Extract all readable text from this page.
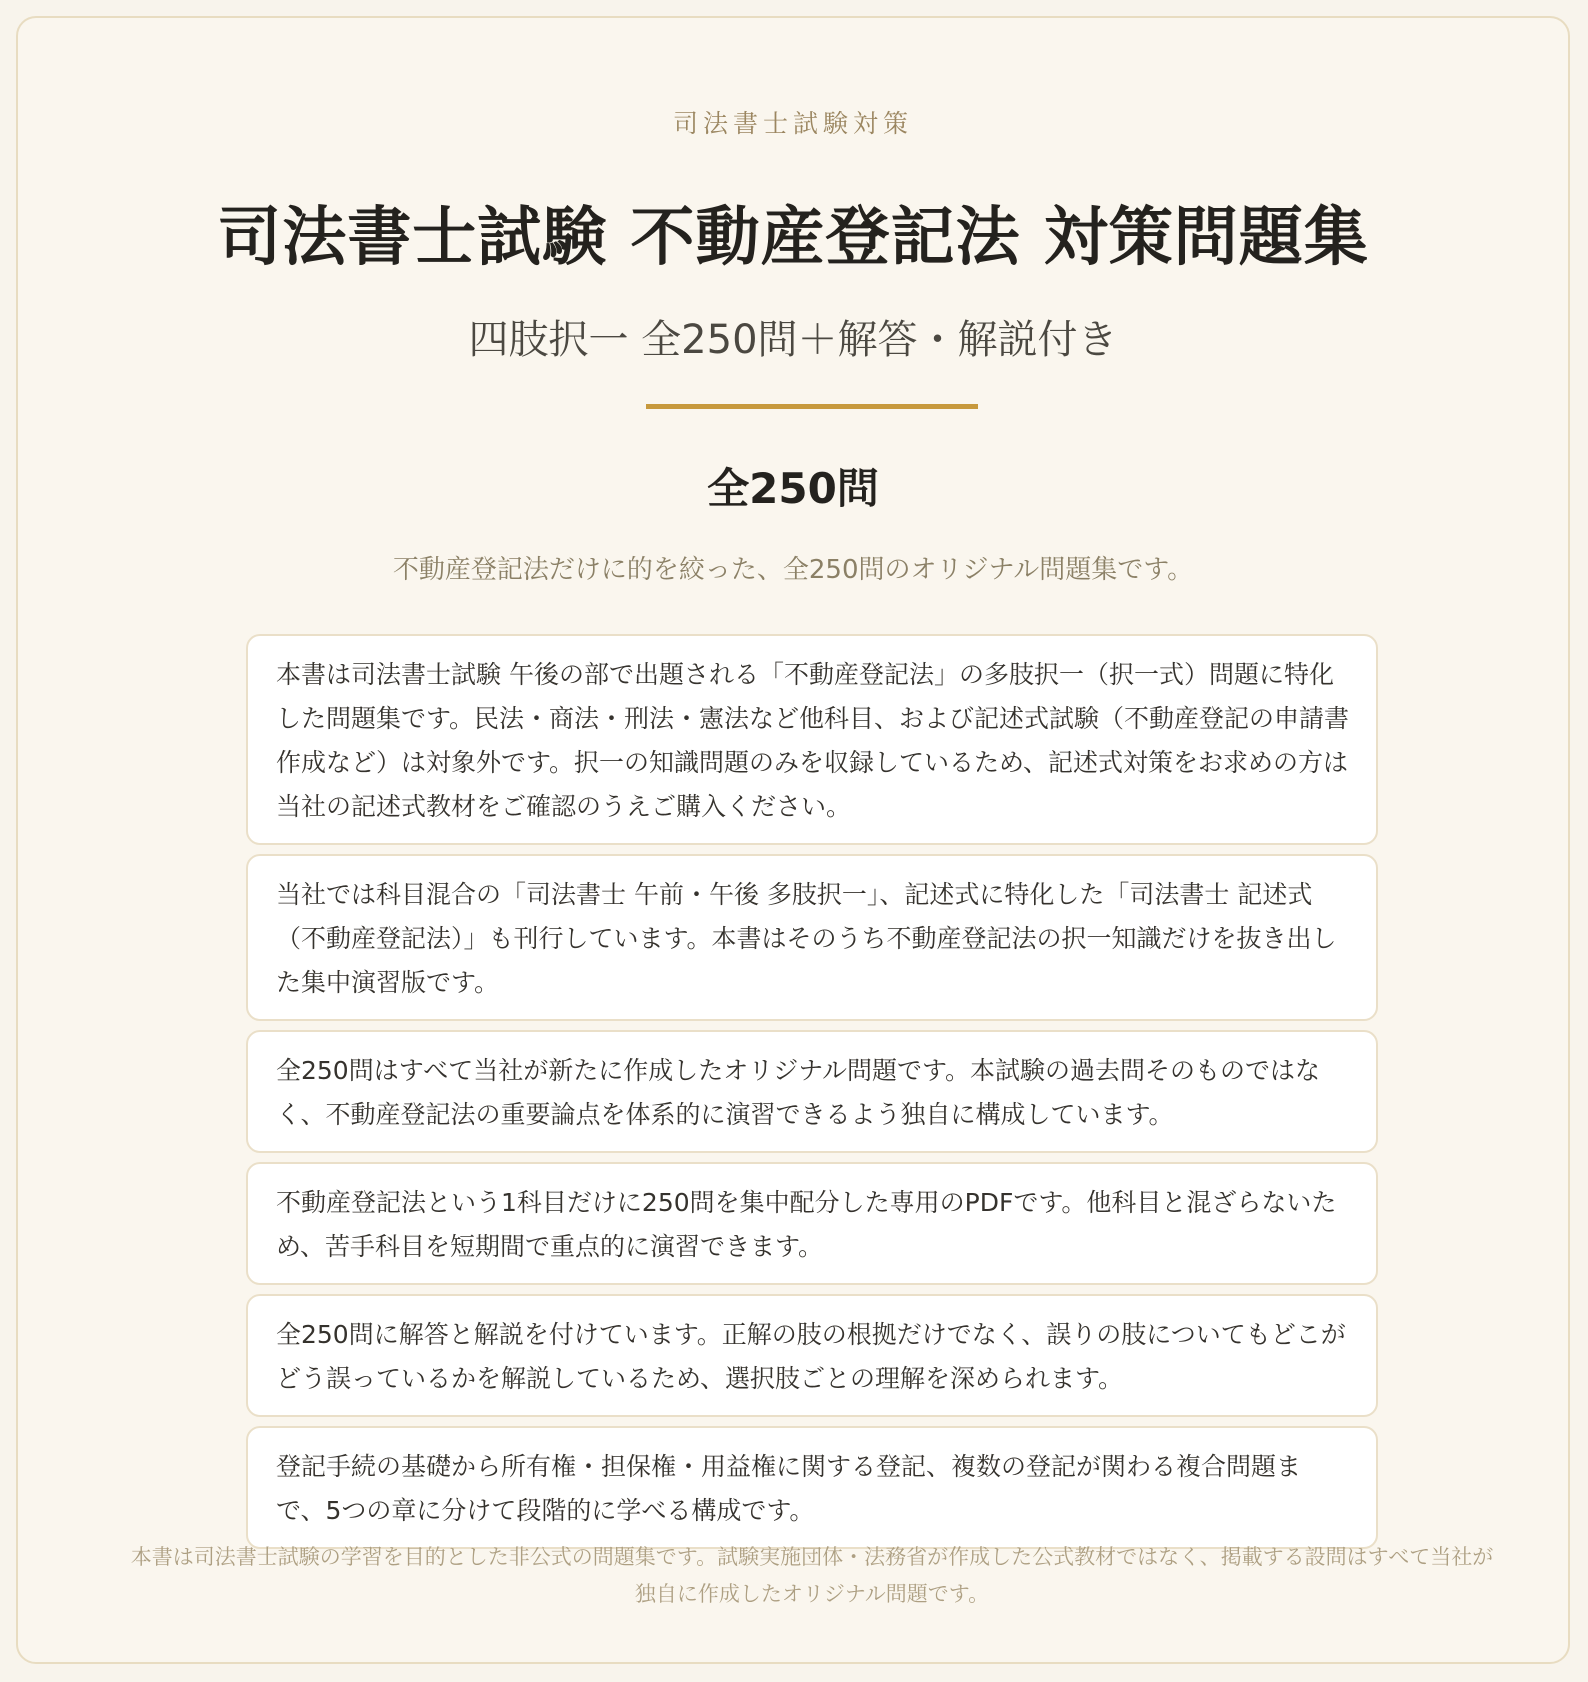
司法書士試験対策
司法書士試験 不動産登記法 対策問題集
四肢択一 全250問＋解答・解説付き
全250問

不動産登記法だけに的を絞った、全250問のオリジナル問題集です。

本書は司法書士試験 午後の部で出題される「不動産登記法」の多肢択一（択一式）問題に特化した問題集です。民法・商法・刑法・憲法など他科目、および記述式試験（不動産登記の申請書作成など）は対象外です。択一の知識問題のみを収録しているため、記述式対策をお求めの方は当社の記述式教材をご確認のうえご購入ください。
当社では科目混合の「司法書士 午前・午後 多肢択一」、記述式に特化した「司法書士 記述式（不動産登記法）」も刊行しています。本書はそのうち不動産登記法の択一知識だけを抜き出した集中演習版です。
全250問はすべて当社が新たに作成したオリジナル問題です。本試験の過去問そのものではなく、不動産登記法の重要論点を体系的に演習できるよう独自に構成しています。
不動産登記法という1科目だけに250問を集中配分した専用のPDFです。他科目と混ざらないため、苦手科目を短期間で重点的に演習できます。
全250問に解答と解説を付けています。正解の肢の根拠だけでなく、誤りの肢についてもどこがどう誤っているかを解説しているため、選択肢ごとの理解を深められます。
登記手続の基礎から所有権・担保権・用益権に関する登記、複数の登記が関わる複合問題まで、5つの章に分けて段階的に学べる構成です。

本書は司法書士試験の学習を目的とした非公式の問題集です。試験実施団体・法務省が作成した公式教材ではなく、掲載する設問はすべて当社が独自に作成したオリジナル問題です。
